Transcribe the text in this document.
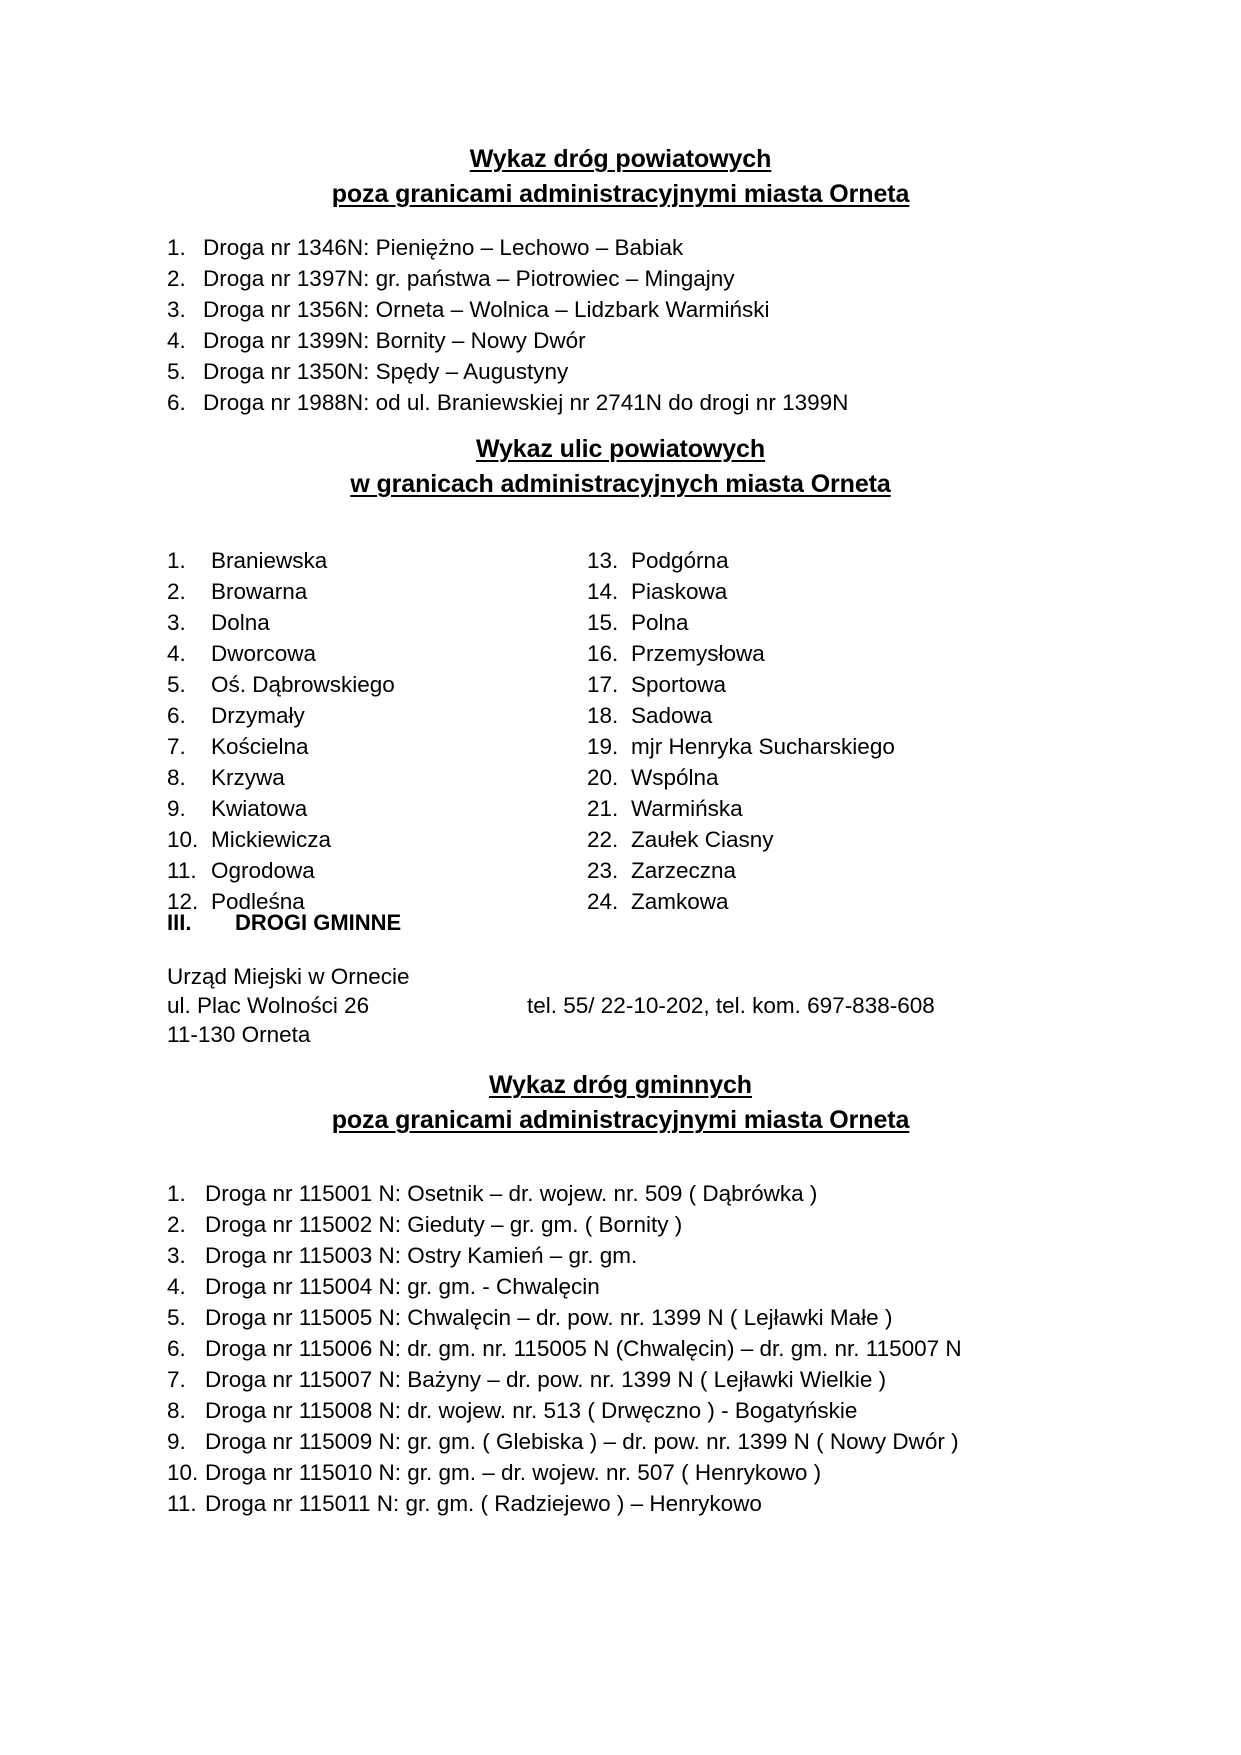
Wykaz dróg powiatowych
poza granicami administracyjnymi miasta Orneta
1. Droga nr 1346N: Pieniężno – Lechowo – Babiak
2. Droga nr 1397N: gr. państwa – Piotrowiec – Mingajny
3. Droga nr 1356N: Orneta – Wolnica – Lidzbark Warmiński
4. Droga nr 1399N: Bornity – Nowy Dwór
5. Droga nr 1350N: Spędy – Augustyny
6. Droga nr 1988N: od ul. Braniewskiej nr 2741N do drogi nr 1399N
Wykaz ulic powiatowych
w granicach administracyjnych miasta Orneta
1.	Braniewska
2.	Browarna
3.	Dolna
4.	Dworcowa
5.	Oś. Dąbrowskiego
6.	Drzymały
7.	Kościelna
8.	Krzywa
9.	Kwiatowa
10. Mickiewicza
11. Ogrodowa
12. Podleśna
13. Podgórna
14. Piaskowa
15. Polna
16. Przemysłowa
17. Sportowa
18. Sadowa
19. mjr Henryka Sucharskiego
20. Wspólna
21. Warmińska
22. Zaułek Ciasny
23. Zarzeczna
24. Zamkowa
III.	DROGI GMINNE
Urząd Miejski w Ornecie
ul. Plac Wolności 26	tel. 55/ 22-10-202, tel. kom. 697-838-608
11-130 Orneta
Wykaz dróg gminnych
poza granicami administracyjnymi miasta Orneta
1. Droga nr 115001 N: Osetnik – dr. wojew. nr. 509 ( Dąbrówka )
2. Droga nr 115002 N: Gieduty – gr. gm. ( Bornity )
3. Droga nr 115003 N: Ostry Kamień – gr. gm.
4. Droga nr 115004 N: gr. gm. - Chwalęcin
5. Droga nr 115005 N: Chwalęcin – dr. pow. nr. 1399 N ( Lejławki Małe )
6. Droga nr 115006 N: dr. gm. nr. 115005 N (Chwalęcin) – dr. gm. nr. 115007 N
7. Droga nr 115007 N: Bażyny – dr. pow. nr. 1399 N ( Lejławki Wielkie )
8. Droga nr 115008 N: dr. wojew. nr. 513 ( Drwęczno ) - Bogatyńskie
9. Droga nr 115009 N: gr. gm. ( Glebiska ) – dr. pow. nr. 1399 N ( Nowy Dwór )
10. Droga nr 115010 N: gr. gm. – dr. wojew. nr. 507 ( Henrykowo )
11. Droga nr 115011 N: gr. gm. ( Radziejewo ) – Henrykowo
